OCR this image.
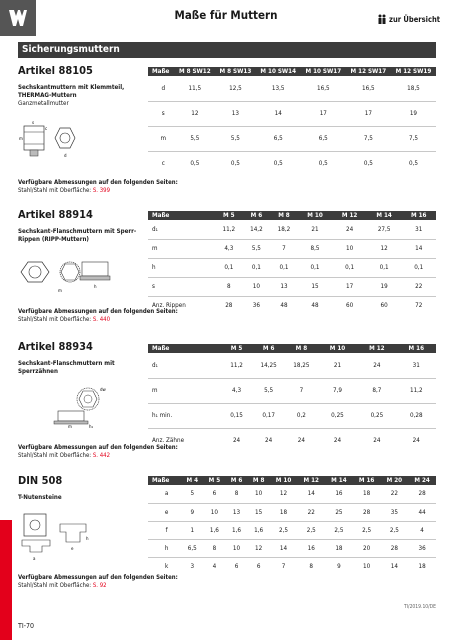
Maße für Muttern	zur Übersicht
Sicherungsmuttern
Artikel 88105
Sechskantmuttern mit Klemmteil, THERMAG-Muttern
Ganzmetallmutter
s
m
c
d
Verfügbare Abmessungen auf den folgenden Seiten:
Stahl/Stahl mit Oberfläche: S. 399
Maße	M 8 SW12	M 8 SW13	M 10 SW14	M 10 SW17	M 12 SW17	M 12 SW19
d	11,5	12,5	13,5	16,5	16,5	18,5
s	12	13	14	17	17	19
m	5,5	5,5	6,5	6,5	7,5	7,5
c	0,5	0,5	0,5	0,5	0,5	0,5
Artikel 88914
Sechskant-Flanschmuttern mit Sperr-Rippen (RIPP-Muttern)
m
h
Verfügbare Abmessungen auf den folgenden Seiten:
Stahl/Stahl mit Oberfläche: S. 440
Maße	M 5	M 6	M 8	M 10	M 12	M 14	M 16
d₁	11,2	14,2	18,2	21	24	27,5	31
m	4,3	5,5	7	8,5	10	12	14
h	0,1	0,1	0,1	0,1	0,1	0,1	0,1
s	8	10	13	15	17	19	22
Anz. Rippen	28	36	48	48	60	60	72
Artikel 88934
Sechskant-Flanschmuttern mit Sperrzähnen
dw
m	h₁
Verfügbare Abmessungen auf den folgenden Seiten:
Stahl/Stahl mit Oberfläche: S. 442
Maße	M 5	M 6	M 8	M 10	M 12	M 16
d₁	11,2	14,25	18,25	21	24	31
m	4,3	5,5	7	7,9	8,7	11,2
h₁ min.	0,15	0,17	0,2	0,25	0,25	0,28
Anz. Zähne	24	24	24	24	24	24
DIN 508
T-Nutensteine
a
e
h
Verfügbare Abmessungen auf den folgenden Seiten:
Stahl/Stahl mit Oberfläche: S. 92
Maße	M 4	M 5	M 6	M 8	M 10	M 12	M 14	M 16	M 20	M 24
a	5	6	8	10	12	14	16	18	22	28
e	9	10	13	15	18	22	25	28	35	44
f	1	1,6	1,6	1,6	2,5	2,5	2,5	2,5	2,5	4
h	6,5	8	10	12	14	16	18	20	28	36
k	3	4	6	6	7	8	9	10	14	18
TI/2019.10/DE
TI-70
